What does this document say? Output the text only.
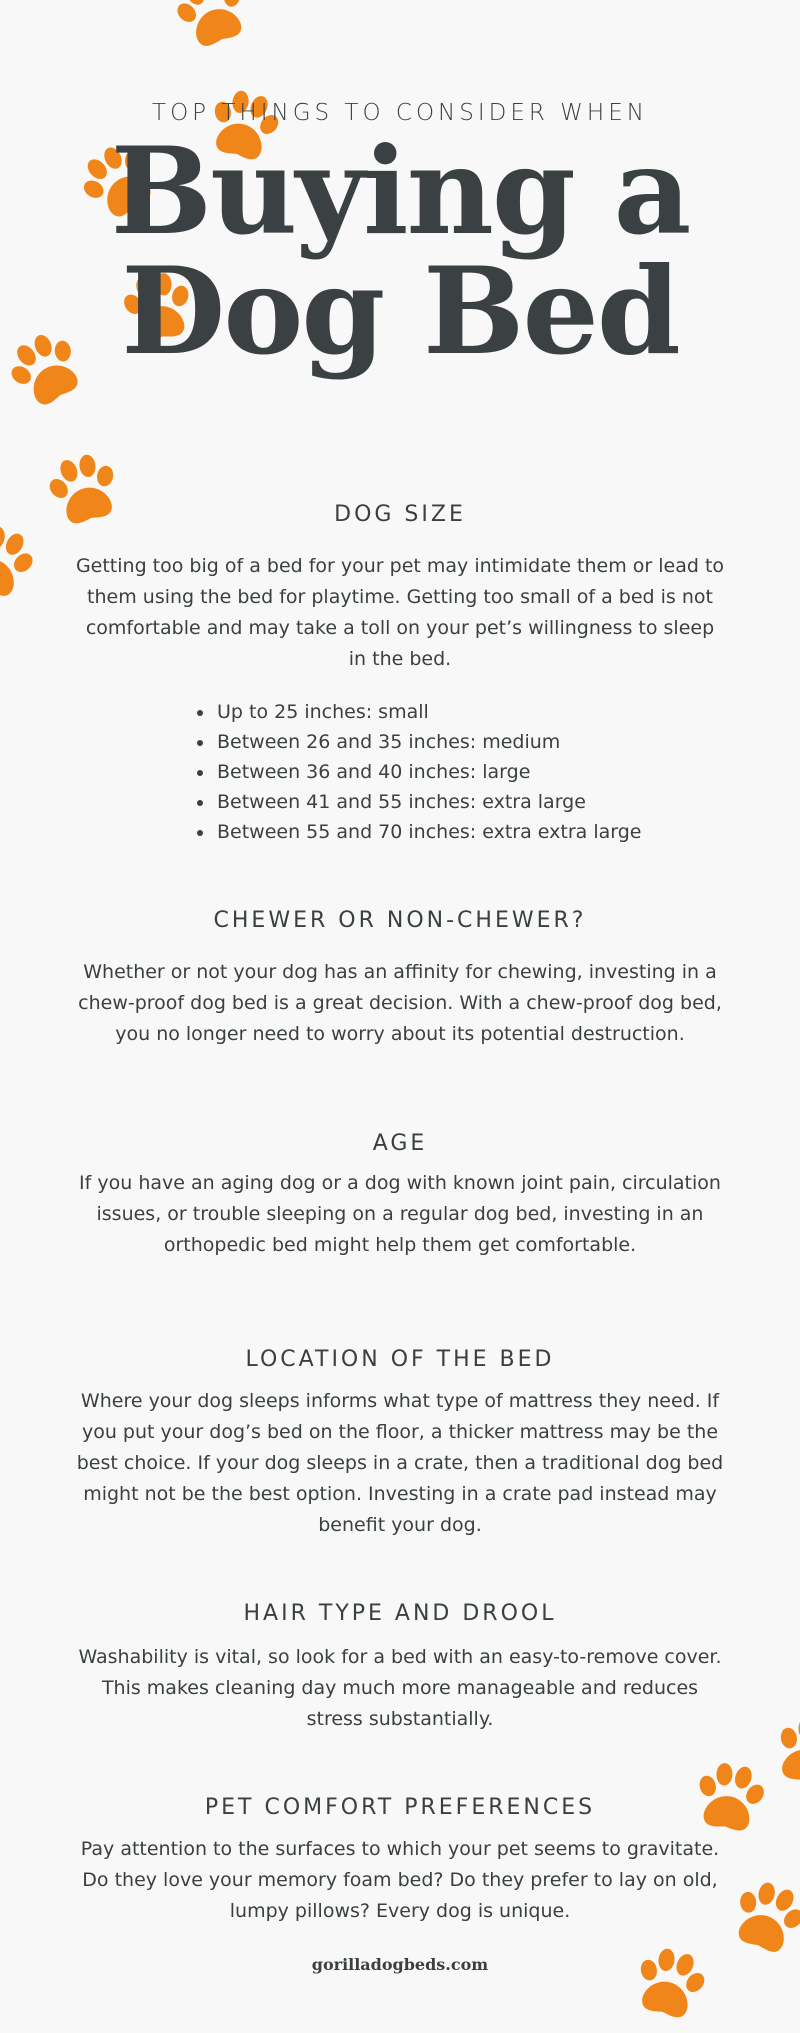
TOP THINGS TO CONSIDER WHEN

Buying a
Dog Bed
DOG SIZE

Getting too big of a bed for your pet may intimidate them or lead to them using the bed for playtime. Getting too small of a bed is not comfortable and may take a toll on your pet’s willingness to sleep in the bed.

• Up to 25 inches: small
• Between 26 and 35 inches: medium
• Between 36 and 40 inches: large
• Between 41 and 55 inches: extra large
• Between 55 and 70 inches: extra extra large
CHEWER OR NON-CHEWER?

Whether or not your dog has an affinity for chewing, investing in a chew-proof dog bed is a great decision. With a chew-proof dog bed, you no longer need to worry about its potential destruction.

AGE

If you have an aging dog or a dog with known joint pain, circulation issues, or trouble sleeping on a regular dog bed, investing in an orthopedic bed might help them get comfortable.

LOCATION OF THE BED

Where your dog sleeps informs what type of mattress they need. If you put your dog’s bed on the floor, a thicker mattress may be the best choice. If your dog sleeps in a crate, then a traditional dog bed might not be the best option. Investing in a crate pad instead may benefit your dog.

HAIR TYPE AND DROOL

Washability is vital, so look for a bed with an easy-to-remove cover. This makes cleaning day much more manageable and reduces stress substantially.

PET COMFORT PREFERENCES

Pay attention to the surfaces to which your pet seems to gravitate. Do they love your memory foam bed? Do they prefer to lay on old, lumpy pillows? Every dog is unique.

gorilladogbeds.com
